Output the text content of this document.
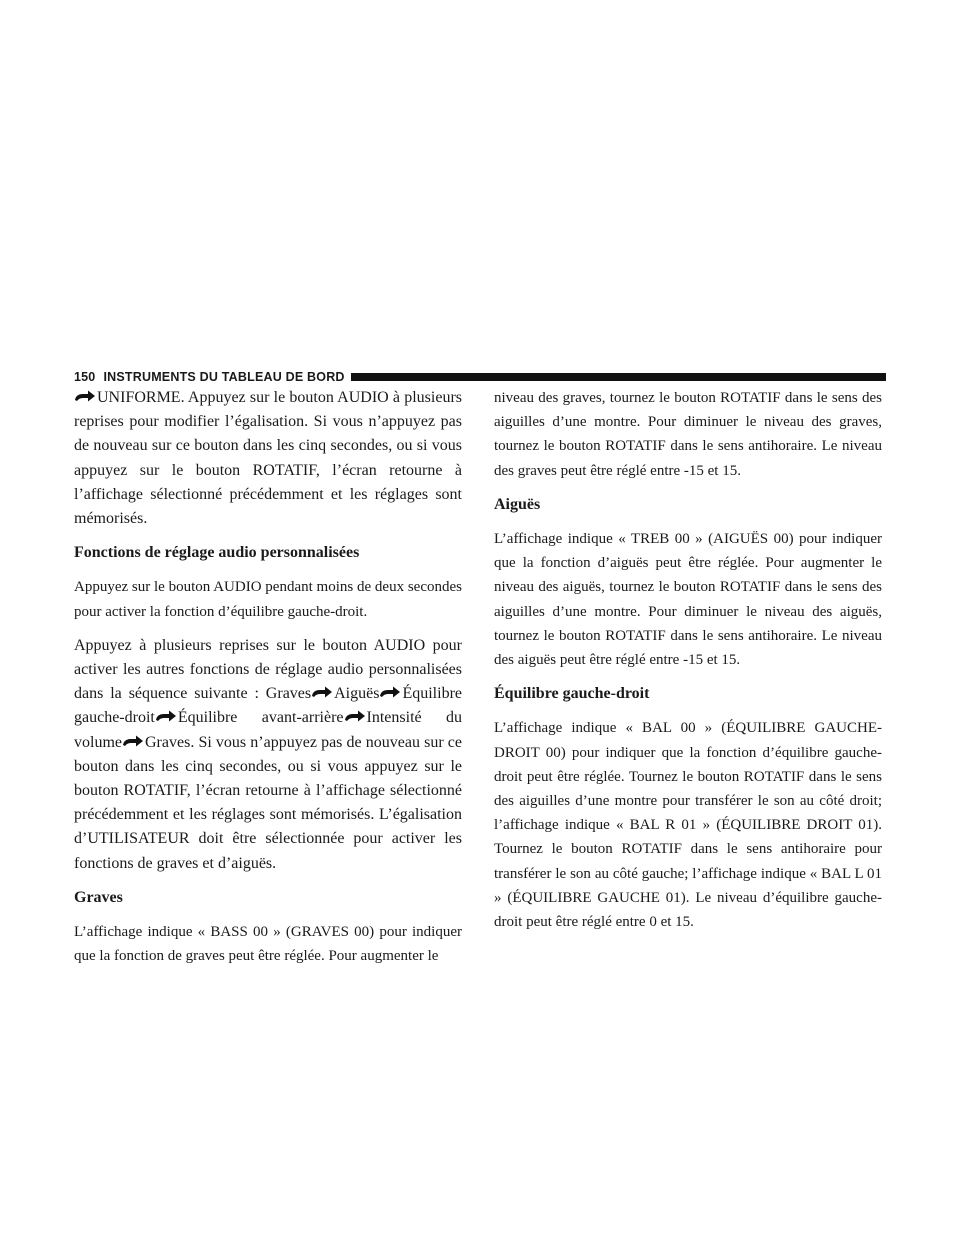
150 INSTRUMENTS DU TABLEAU DE BORD

UNIFORME. Appuyez sur le bouton AUDIO à plusieurs reprises pour modifier l’égalisation. Si vous n’appuyez pas de nouveau sur ce bouton dans les cinq secondes, ou si vous appuyez sur le bouton ROTATIF, l’écran retourne à l’affichage sélectionné précédemment et les réglages sont mémorisés.

Fonctions de réglage audio personnalisées

Appuyez sur le bouton AUDIO pendant moins de deux secondes pour activer la fonction d’équilibre gauche-droit.

Appuyez à plusieurs reprises sur le bouton AUDIO pour activer les autres fonctions de réglage audio personnalisées dans la séquence suivante : Graves Aiguës Équilibre gauche-droit Équilibre avant-arrière Intensité du volume Graves. Si vous n’appuyez pas de nouveau sur ce bouton dans les cinq secondes, ou si vous appuyez sur le bouton ROTATIF, l’écran retourne à l’affichage sélectionné précédemment et les réglages sont mémorisés. L’égalisation d’UTILISATEUR doit être sélectionnée pour activer les fonctions de graves et d’aiguës.

Graves

L’affichage indique « BASS 00 » (GRAVES 00) pour indiquer que la fonction de graves peut être réglée. Pour augmenter le

niveau des graves, tournez le bouton ROTATIF dans le sens des aiguilles d’une montre. Pour diminuer le niveau des graves, tournez le bouton ROTATIF dans le sens antihoraire. Le niveau des graves peut être réglé entre -15 et 15.

Aiguës

L’affichage indique « TREB 00 » (AIGUËS 00) pour indiquer que la fonction d’aiguës peut être réglée. Pour augmenter le niveau des aiguës, tournez le bouton ROTATIF dans le sens des aiguilles d’une montre. Pour diminuer le niveau des aiguës, tournez le bouton ROTATIF dans le sens antihoraire. Le niveau des aiguës peut être réglé entre -15 et 15.

Équilibre gauche-droit

L’affichage indique « BAL 00 » (ÉQUILIBRE GAUCHE-DROIT 00) pour indiquer que la fonction d’équilibre gauche-droit peut être réglée. Tournez le bouton ROTATIF dans le sens des aiguilles d’une montre pour transférer le son au côté droit; l’affichage indique « BAL R 01 » (ÉQUILIBRE DROIT 01). Tournez le bouton ROTATIF dans le sens antihoraire pour transférer le son au côté gauche; l’affichage indique « BAL L 01 » (ÉQUILIBRE GAUCHE 01). Le niveau d’équilibre gauche-droit peut être réglé entre 0 et 15.
